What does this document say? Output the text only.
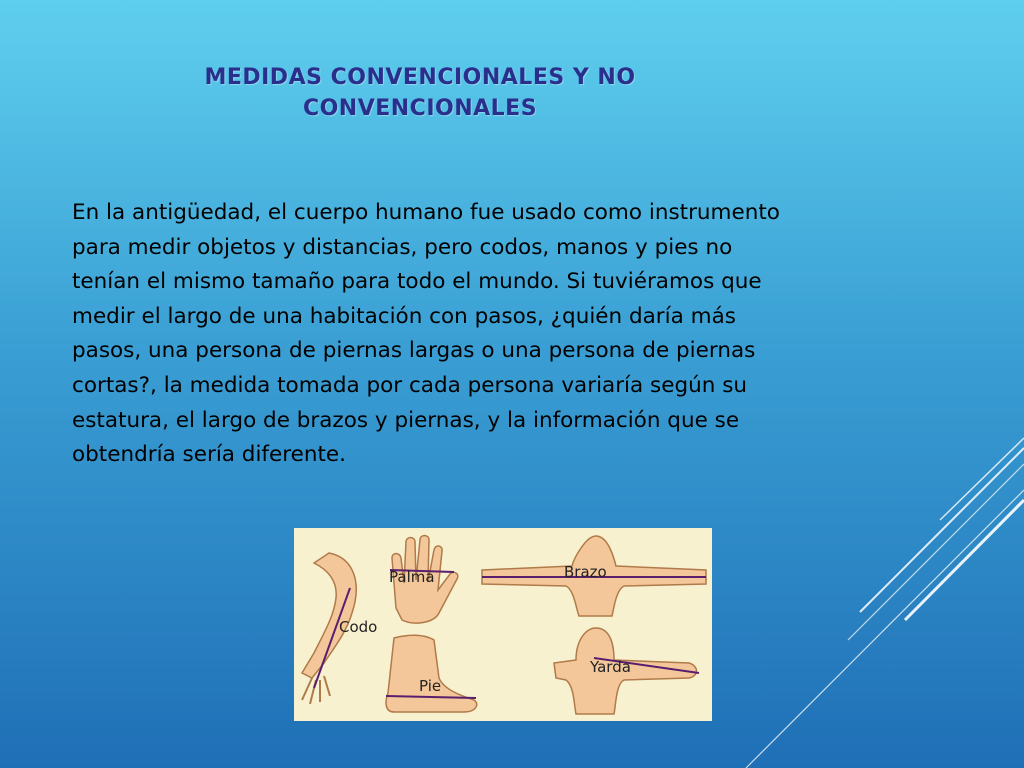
MEDIDAS CONVENCIONALES Y NO
CONVENCIONALES
En la antigüedad, el cuerpo humano fue usado como instrumento para medir objetos y distancias, pero codos, manos y pies no tenían el mismo tamaño para todo el mundo. Si tuviéramos que medir el largo de una habitación con pasos, ¿quién daría más pasos, una persona de piernas largas o una persona de piernas cortas?, la medida tomada por cada persona variaría según su estatura, el largo de brazos y piernas, y la información que se obtendría sería diferente.
Codo
Palma
Pie
Brazo
Yarda
